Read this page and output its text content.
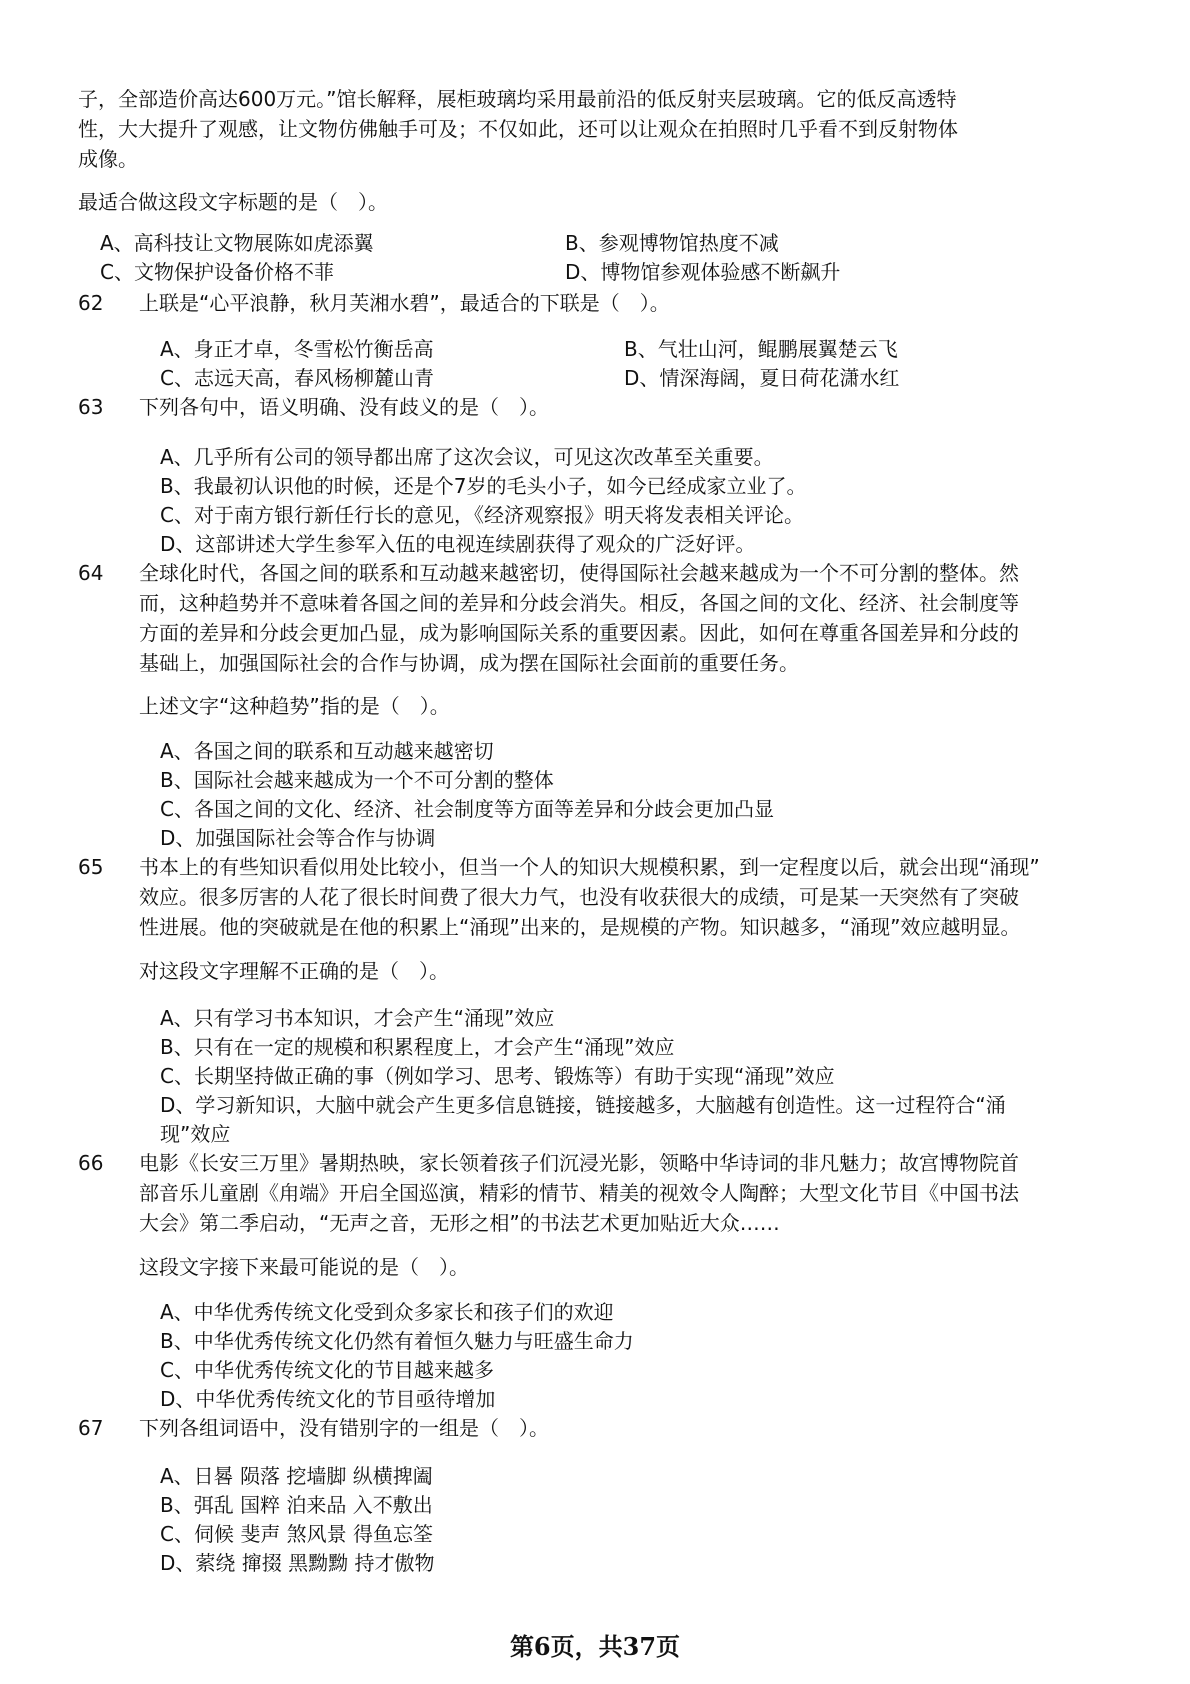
子，全部造价高达600万元。”馆长解释，展柜玻璃均采用最前沿的低反射夹层玻璃。它的低反高透特
性，大大提升了观感，让文物仿佛触手可及；不仅如此，还可以让观众在拍照时几乎看不到反射物体
成像。
最适合做这段文字标题的是（　）。
A、高科技让文物展陈如虎添翼	B、参观博物馆热度不减
C、文物保护设备价格不菲	D、博物馆参观体验感不断飙升
62 上联是“心平浪静，秋月芙湘水碧”，最适合的下联是（　）。
A、身正才卓，冬雪松竹衡岳高	B、气壮山河，鲲鹏展翼楚云飞
C、志远天高，春风杨柳麓山青	D、情深海阔，夏日荷花潇水红
63 下列各句中，语义明确、没有歧义的是（　）。
A、几乎所有公司的领导都出席了这次会议，可见这次改革至关重要。
B、我最初认识他的时候，还是个7岁的毛头小子，如今已经成家立业了。
C、对于南方银行新任行长的意见，《经济观察报》明天将发表相关评论。
D、这部讲述大学生参军入伍的电视连续剧获得了观众的广泛好评。
64 全球化时代，各国之间的联系和互动越来越密切，使得国际社会越来越成为一个不可分割的整体。然
而，这种趋势并不意味着各国之间的差异和分歧会消失。相反，各国之间的文化、经济、社会制度等
方面的差异和分歧会更加凸显，成为影响国际关系的重要因素。因此，如何在尊重各国差异和分歧的
基础上，加强国际社会的合作与协调，成为摆在国际社会面前的重要任务。
上述文字“这种趋势”指的是（　）。
A、各国之间的联系和互动越来越密切
B、国际社会越来越成为一个不可分割的整体
C、各国之间的文化、经济、社会制度等方面等差异和分歧会更加凸显
D、加强国际社会等合作与协调
65 书本上的有些知识看似用处比较小，但当一个人的知识大规模积累，到一定程度以后，就会出现“涌现”
效应。很多厉害的人花了很长时间费了很大力气，也没有收获很大的成绩，可是某一天突然有了突破
性进展。他的突破就是在他的积累上“涌现”出来的，是规模的产物。知识越多，“涌现”效应越明显。
对这段文字理解不正确的是（　）。
A、只有学习书本知识，才会产生“涌现”效应
B、只有在一定的规模和积累程度上，才会产生“涌现”效应
C、长期坚持做正确的事（例如学习、思考、锻炼等）有助于实现“涌现”效应
D、学习新知识，大脑中就会产生更多信息链接，链接越多，大脑越有创造性。这一过程符合“涌
现”效应
66 电影《长安三万里》暑期热映，家长领着孩子们沉浸光影，领略中华诗词的非凡魅力；故宫博物院首
部音乐儿童剧《甪端》开启全国巡演，精彩的情节、精美的视效令人陶醉；大型文化节目《中国书法
大会》第二季启动，“无声之音，无形之相”的书法艺术更加贴近大众……
这段文字接下来最可能说的是（　）。
A、中华优秀传统文化受到众多家长和孩子们的欢迎
B、中华优秀传统文化仍然有着恒久魅力与旺盛生命力
C、中华优秀传统文化的节目越来越多
D、中华优秀传统文化的节目亟待增加
67 下列各组词语中，没有错别字的一组是（　）。
A、日晷 陨落 挖墙脚 纵横捭阖
B、弭乱 国粹 泊来品 入不敷出
C、伺候 斐声 煞风景 得鱼忘筌
D、萦绕 撺掇 黑黝黝 持才傲物
第6页，共37页
